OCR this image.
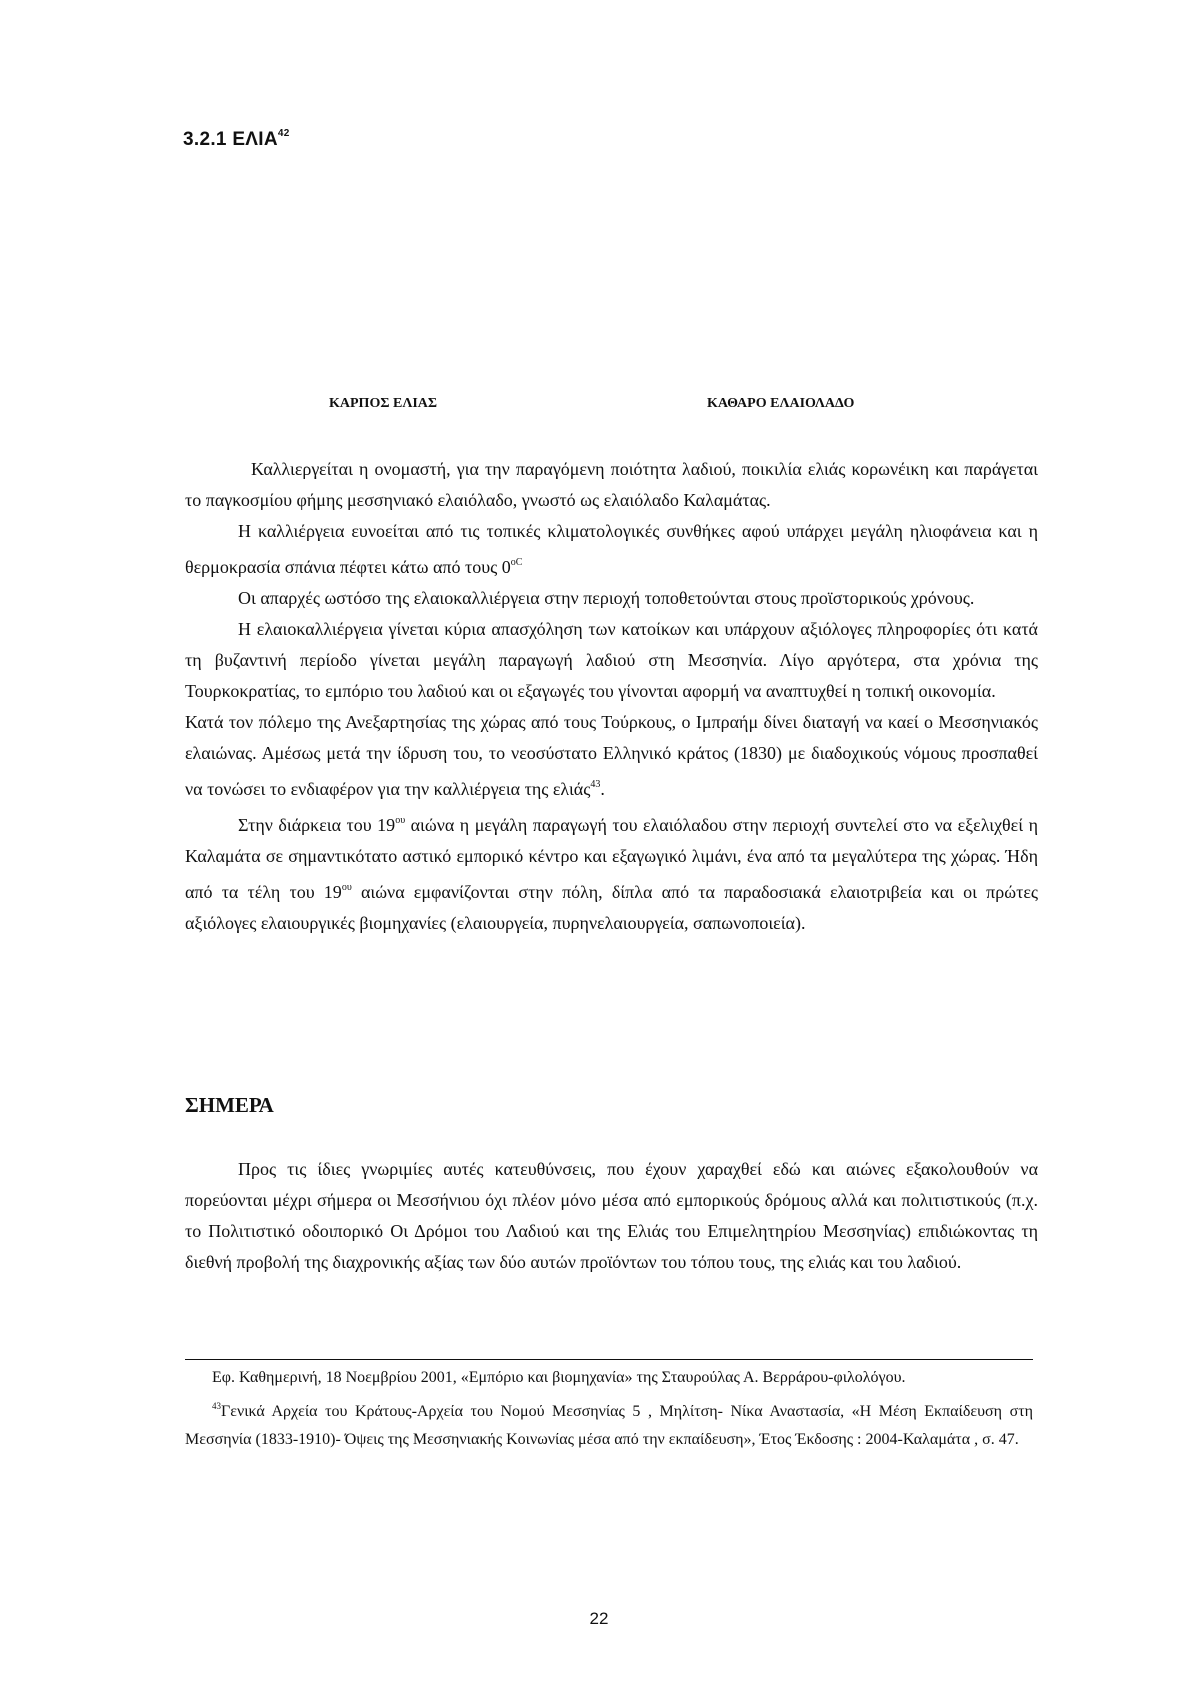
3.2.1 ΕΛΙΑ$^{42}$
ΚΑΡΠΟΣ ΕΛΙΑΣ	ΚΑΘΑΡΟ ΕΛΑΙΟΛΑΔΟ

Καλλιεργείται η ονομαστή, για την παραγόμενη ποιότητα λαδιού, ποικιλία ελιάς κορωνέικη και παράγεται το παγκοσμίου φήμης μεσσηνιακό ελαιόλαδο, γνωστό ως ελαιόλαδο Καλαμάτας.

Η καλλιέργεια ευνοείται από τις τοπικές κλιματολογικές συνθήκες αφού υπάρχει μεγάλη ηλιοφάνεια και η θερμοκρασία σπάνια πέφτει κάτω από τους $0^{oC}$

Οι απαρχές ωστόσο της ελαιοκαλλιέργεια στην περιοχή τοποθετούνται στους προϊστορικούς χρόνους.

Η ελαιοκαλλιέργεια γίνεται κύρια απασχόληση των κατοίκων και υπάρχουν αξιόλογες πληροφορίες ότι κατά τη βυζαντινή περίοδο γίνεται μεγάλη παραγωγή λαδιού στη Μεσσηνία. Λίγο αργότερα, στα χρόνια της Τουρκοκρατίας, το εμπόριο του λαδιού και οι εξαγωγές του γίνονται αφορμή να αναπτυχθεί η τοπική οικονομία.

Κατά τον πόλεμο της Ανεξαρτησίας της χώρας από τους Τούρκους, ο Ιμπραήμ δίνει διαταγή να καεί ο Μεσσηνιακός ελαιώνας. Αμέσως μετά την ίδρυση του, το νεοσύστατο Ελληνικό κράτος (1830) με διαδοχικούς νόμους προσπαθεί να τονώσει το ενδιαφέρον για την καλλιέργεια της ελιάς$^{43}$.

Στην διάρκεια του $19^{o\upsilon}$ αιώνα η μεγάλη παραγωγή του ελαιόλαδου στην περιοχή συντελεί στο να εξελιχθεί η Καλαμάτα σε σημαντικότατο αστικό εμπορικό κέντρο και εξαγωγικό λιμάνι, ένα από τα μεγαλύτερα της χώρας. Ήδη από τα τέλη του $19^{o\upsilon}$ αιώνα εμφανίζονται στην πόλη, δίπλα από τα παραδοσιακά ελαιοτριβεία και οι πρώτες αξιόλογες ελαιουργικές βιομηχανίες (ελαιουργεία, πυρηνελαιουργεία, σαπωνοποιεία).

ΣΗΜΕΡΑ

Προς τις ίδιες γνωριμίες αυτές κατευθύνσεις, που έχουν χαραχθεί εδώ και αιώνες εξακολουθούν να πορεύονται μέχρι σήμερα οι Μεσσήνιου όχι πλέον μόνο μέσα από εμπορικούς δρόμους αλλά και πολιτιστικούς (π.χ. το Πολιτιστικό οδοιπορικό Οι Δρόμοι του Λαδιού και της Ελιάς του Επιμελητηρίου Μεσσηνίας) επιδιώκοντας τη διεθνή προβολή της διαχρονικής αξίας των δύο αυτών προϊόντων του τόπου τους, της ελιάς και του λαδιού.

Εφ. Καθημερινή, 18 Νοεμβρίου 2001, «Εμπόριο και βιομηχανία» της Σταυρούλας Α. Βερράρου-φιλολόγου.

$^{43}$Γενικά Αρχεία του Κράτους-Αρχεία του Νομού Μεσσηνίας 5 , Μηλίτση- Νίκα Αναστασία, «Η Μέση Εκπαίδευση στη Μεσσηνία (1833-1910)- Όψεις της Μεσσηνιακής Κοινωνίας μέσα από την εκπαίδευση», Έτος Έκδοσης : 2004-Καλαμάτα , σ. 47.

22
